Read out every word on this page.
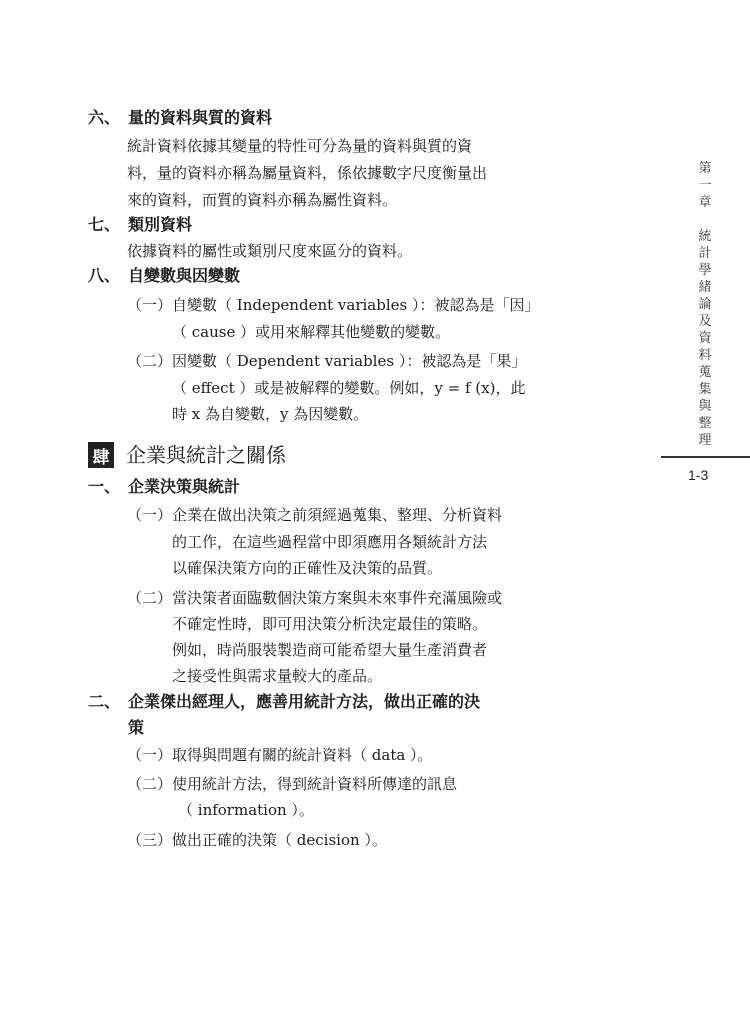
六、 量的資料與質的資料
統計資料依據其變量的特性可分為量的資料與質的資
料，量的資料亦稱為屬量資料，係依據數字尺度衡量出
來的資料，而質的資料亦稱為屬性資料。
七、 類別資料
依據資料的屬性或類別尺度來區分的資料。
八、 自變數與因變數
（一） 自變數（ Independent variables ）：被認為是「因」
（ cause ）或用來解釋其他變數的變數。
（二） 因變數（ Dependent variables ）：被認為是「果」
（ effect ）或是被解釋的變數。例如，y = f (x)，此
時 x 為自變數，y 為因變數。
肆 企業與統計之關係
一、 企業決策與統計
（一） 企業在做出決策之前須經過蒐集、整理、分析資料
的工作，在這些過程當中即須應用各類統計方法
以確保決策方向的正確性及決策的品質。
（二） 當決策者面臨數個決策方案與未來事件充滿風險或
不確定性時，即可用決策分析決定最佳的策略。
例如，時尚服裝製造商可能希望大量生產消費者
之接受性與需求量較大的產品。
二、 企業傑出經理人，應善用統計方法，做出正確的決
策
（一） 取得與問題有關的統計資料（ data ）。
（二） 使用統計方法，得到統計資料所傳達的訊息
（ information ）。
（三） 做出正確的決策（ decision ）。
第
一
章
統
計
學
緒
論
及
資
料
蒐
集
與
整
理
1-3
